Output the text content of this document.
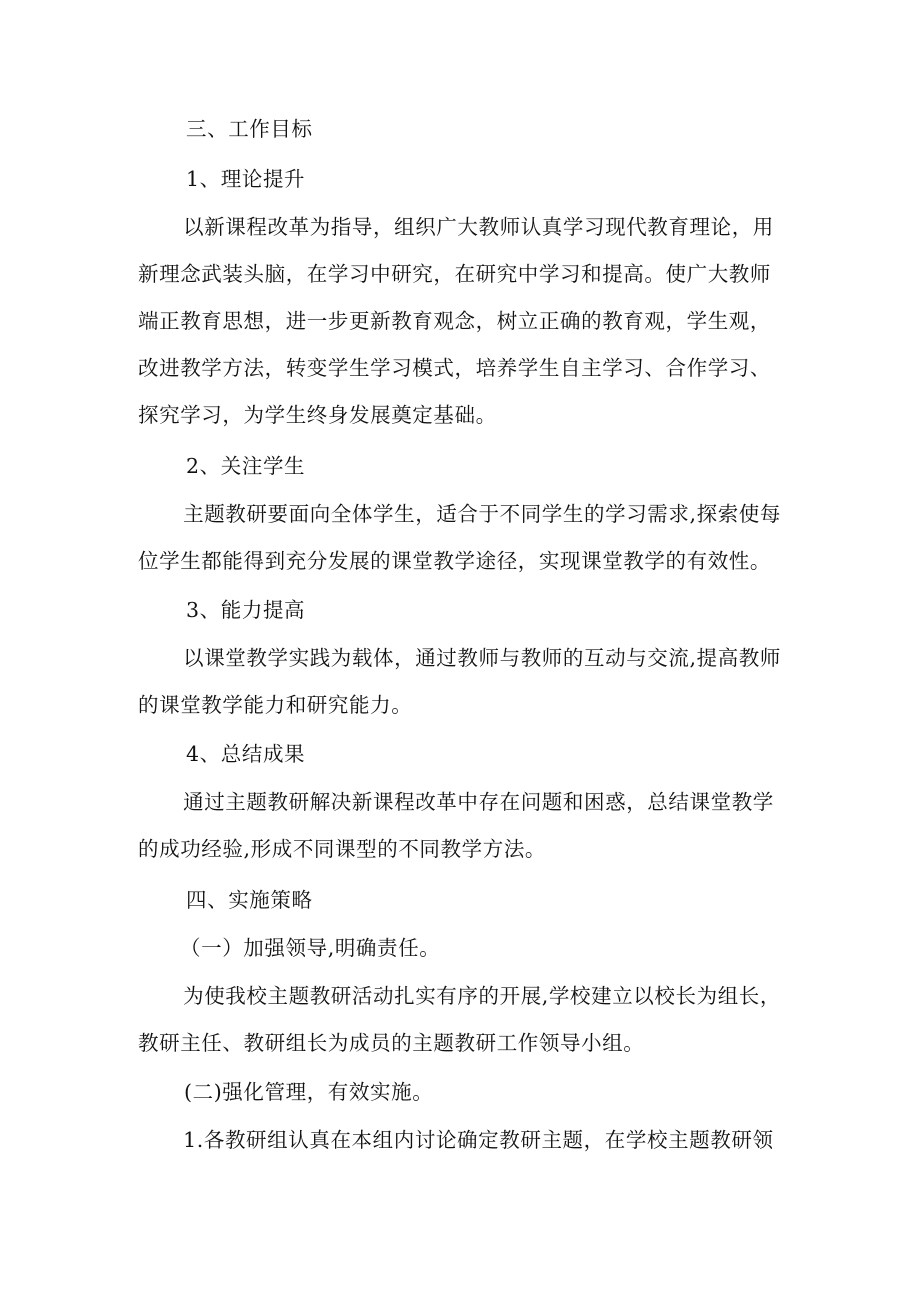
三、工作目标

1、理论提升

以新课程改革为指导，组织广大教师认真学习现代教育理论，用新理念武装头脑，在学习中研究，在研究中学习和提高。使广大教师端正教育思想，进一步更新教育观念，树立正确的教育观，学生观，改进教学方法，转变学生学习模式，培养学生自主学习、合作学习、探究学习，为学生终身发展奠定基础。

2、关注学生

主题教研要面向全体学生，适合于不同学生的学习需求,探索使每位学生都能得到充分发展的课堂教学途径，实现课堂教学的有效性。

3、能力提高

以课堂教学实践为载体，通过教师与教师的互动与交流,提高教师的课堂教学能力和研究能力。

4、总结成果

通过主题教研解决新课程改革中存在问题和困惑，总结课堂教学的成功经验,形成不同课型的不同教学方法。

四、实施策略

（一）加强领导,明确责任。

为使我校主题教研活动扎实有序的开展,学校建立以校长为组长，教研主任、教研组长为成员的主题教研工作领导小组。

(二)强化管理，有效实施。

1.各教研组认真在本组内讨论确定教研主题，在学校主题教研领
